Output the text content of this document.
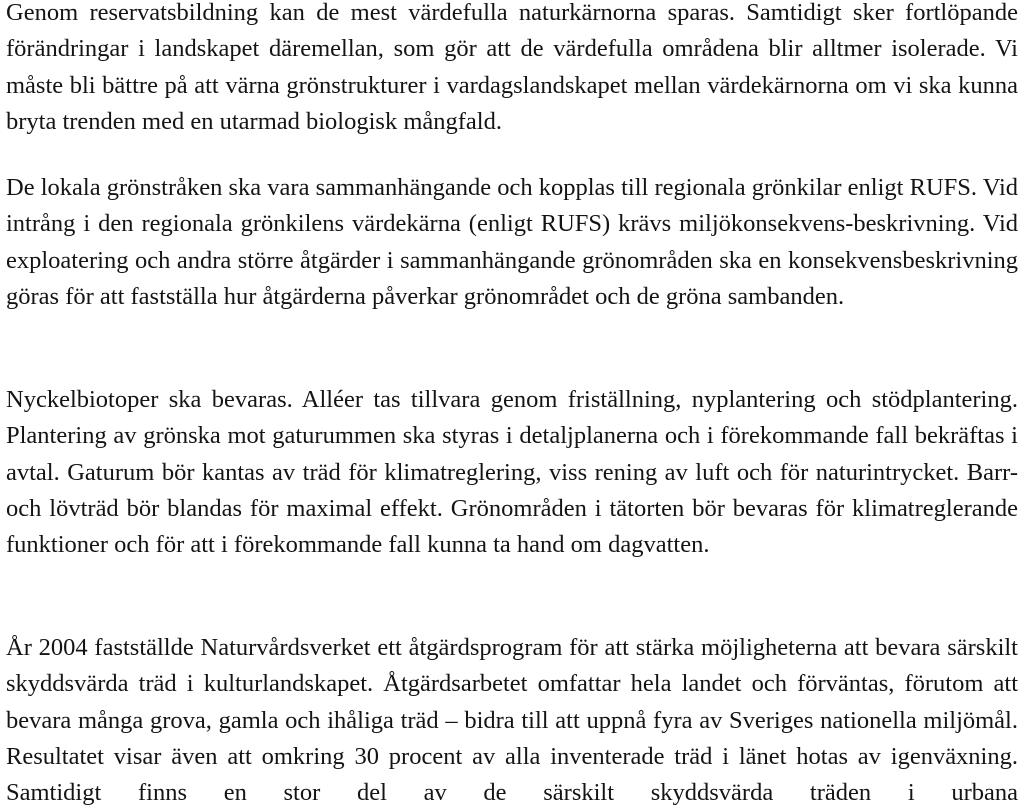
Genom reservatsbildning kan de mest värdefulla naturkärnorna sparas. Samtidigt sker fortlöpande förändringar i landskapet däremellan, som gör att de värdefulla områdena blir alltmer isolerade. Vi måste bli bättre på att värna grönstrukturer i vardagslandskapet mellan värdekärnorna om vi ska kunna bryta trenden med en utarmad biologisk mångfald.

De lokala grönstråken ska vara sammanhängande och kopplas till regionala grönkilar enligt RUFS. Vid intrång i den regionala grönkilens värdekärna (enligt RUFS) krävs miljökonsekvens-beskrivning. Vid exploatering och andra större åtgärder i sammanhängande grönområden ska en konsekvensbeskrivning göras för att fastställa hur åtgärderna påverkar grönområdet och de gröna sambanden.

Nyckelbiotoper ska bevaras. Alléer tas tillvara genom friställning, nyplantering och stödplantering. Plantering av grönska mot gaturummen ska styras i detaljplanerna och i förekommande fall bekräftas i avtal. Gaturum bör kantas av träd för klimatreglering, viss rening av luft och för naturintrycket. Barr- och lövträd bör blandas för maximal effekt. Grönområden i tätorten bör bevaras för klimatreglerande funktioner och för att i förekommande fall kunna ta hand om dagvatten.

År 2004 fastställde Naturvårdsverket ett åtgärdsprogram för att stärka möjligheterna att bevara särskilt skyddsvärda träd i kulturlandskapet. Åtgärdsarbetet omfattar hela landet och förväntas, förutom att bevara många grova, gamla och ihåliga träd – bidra till att uppnå fyra av Sveriges nationella miljömål. Resultatet visar även att omkring 30 procent av alla inventerade träd i länet hotas av igenväxning. Samtidigt finns en stor del av de särskilt skyddsvärda träden i urbana
